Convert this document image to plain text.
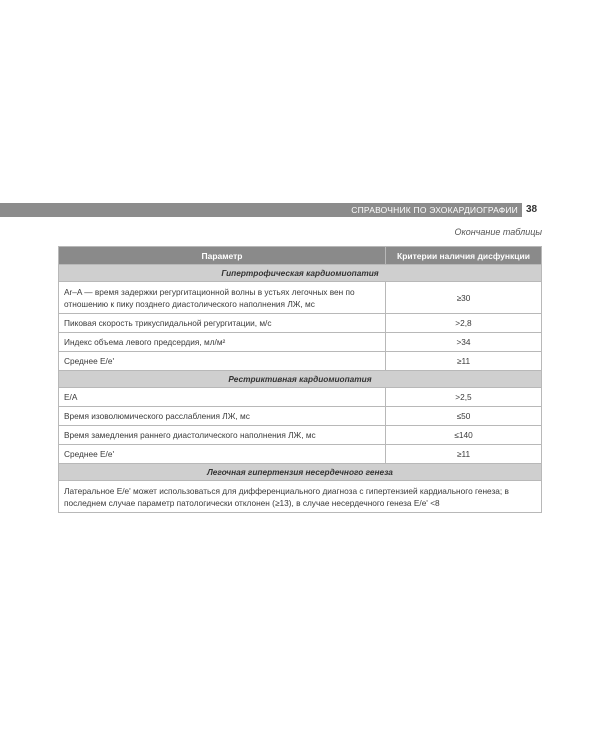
СПРАВОЧНИК ПО ЭХОКАРДИОГРАФИИ 38
Окончание таблицы
Параметр	Критерии наличия дисфункции
Гипертрофическая кардиомиопатия	
Ar–A — время задержки регургитационной волны в устьях легочных вен по отношению к пику позднего диастолического наполнения ЛЖ, мс	≥30
Пиковая скорость трикуспидальной регургитации, м/с	>2,8
Индекс объема левого предсердия, мл/м²	>34
Среднее E/e'	≥11
Рестриктивная кардиомиопатия	
E/A	>2,5
Время изоволюмического расслабления ЛЖ, мс	≤50
Время замедления раннего диастолического наполнения ЛЖ, мс	≤140
Среднее E/e'	≥11
Легочная гипертензия несердечного генеза	
Латеральное E/e' может использоваться для дифференциального диагноза с гипертензией кардиального генеза; в последнем случае параметр патологически отклонен (≥13), в случае несердечного генеза E/e' <8	
